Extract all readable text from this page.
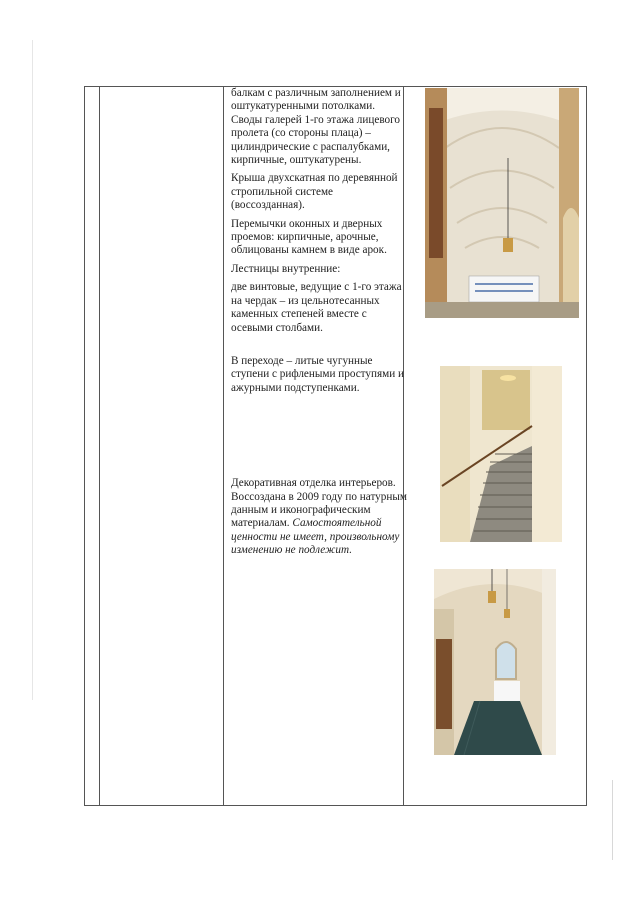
балкам с различным заполнением и оштукатуренными потолками. Своды галерей 1-го этажа лицевого пролета (со стороны плаца) – цилиндрические с распалубками, кирпичные, оштукатурены.

Крыша двухскатная по деревянной стропильной системе (воссозданная).

Перемычки оконных и дверных проемов: кирпичные, арочные, облицованы камнем в виде арок.

Лестницы внутренние:

две винтовые, ведущие с 1-го этажа на чердак – из цельнотесанных каменных степеней вместе с осевыми столбами.

В переходе – литые чугунные ступени с рифлеными проступями и ажурными подступенками.

Декоративная отделка интерьеров. Воссоздана в 2009 году по натурным данным и иконографическим материалам. Самостоятельной ценности не имеет, произвольному изменению не подлежит.
